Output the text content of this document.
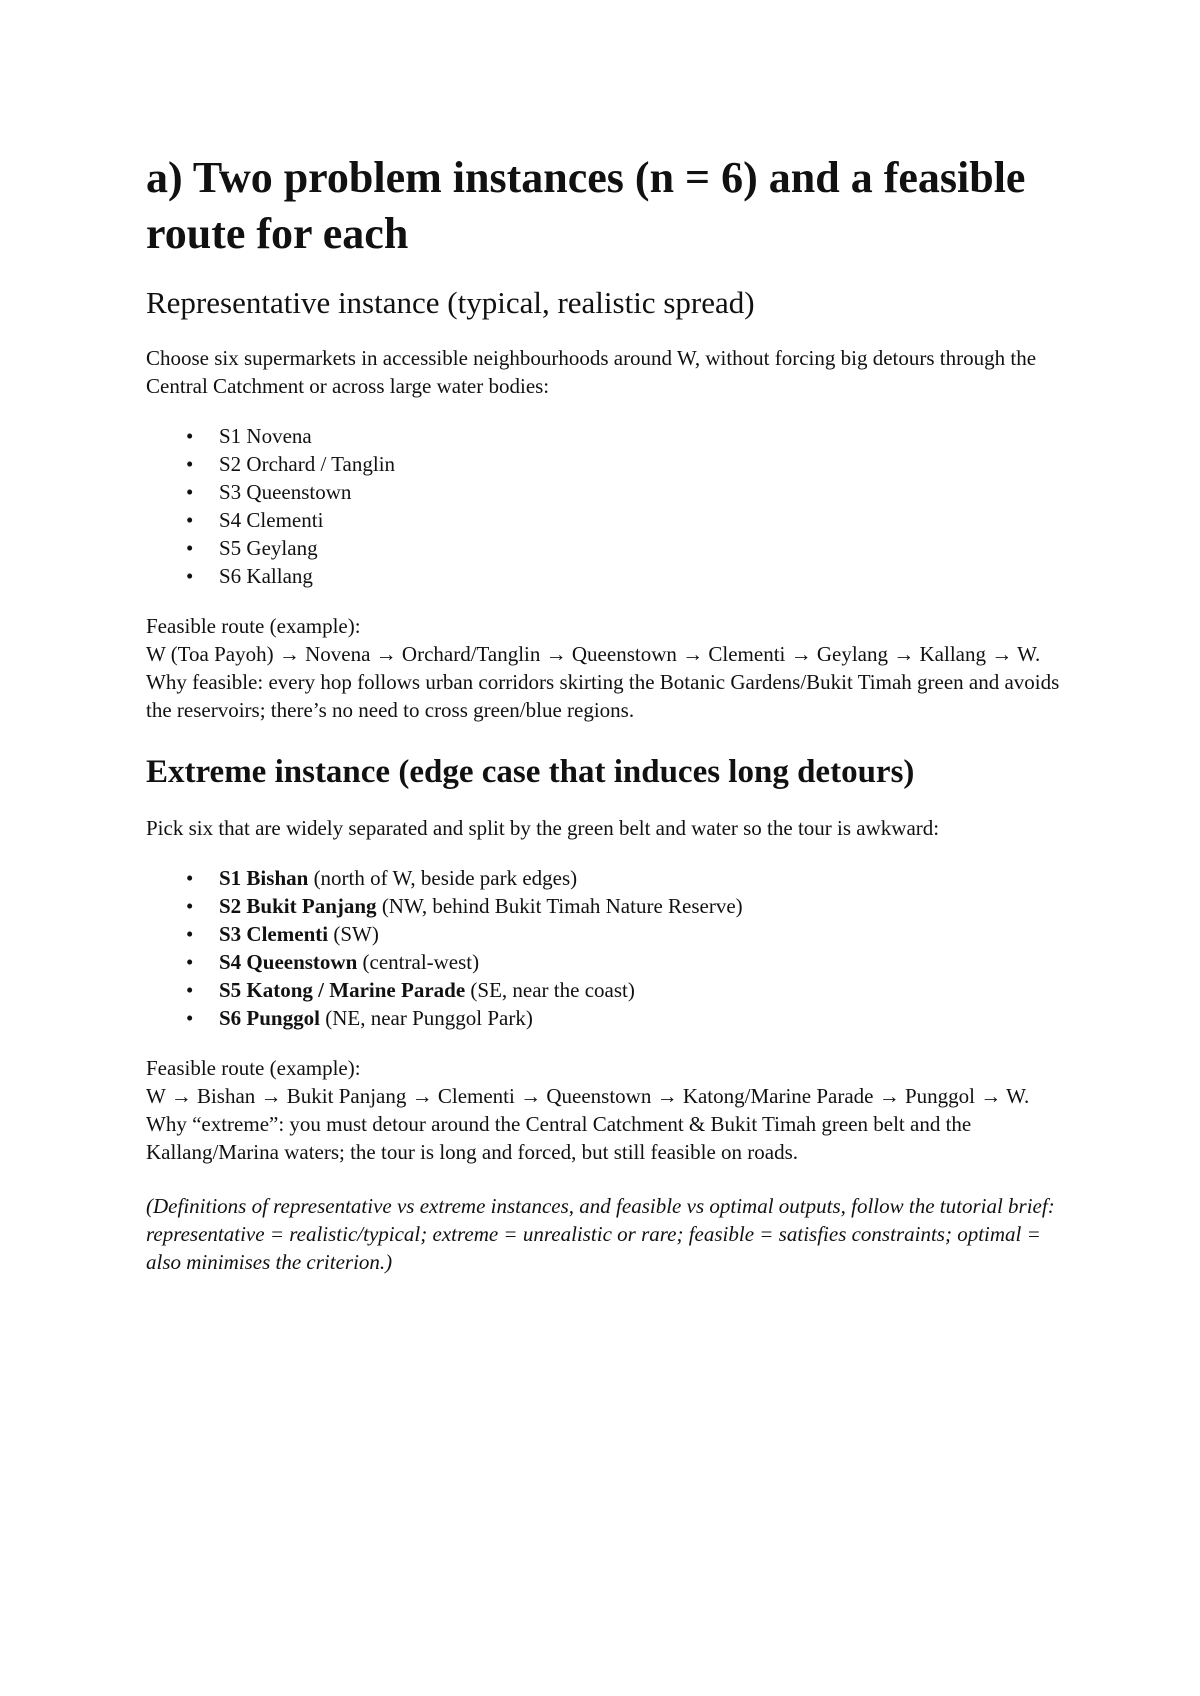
a) Two problem instances (n = 6) and a feasible route for each
Representative instance (typical, realistic spread)

Choose six supermarkets in accessible neighbourhoods around W, without forcing big detours through the Central Catchment or across large water bodies:

• S1 Novena
• S2 Orchard / Tanglin
• S3 Queenstown
• S4 Clementi
• S5 Geylang
• S6 Kallang

Feasible route (example):

W (Toa Payoh) → Novena → Orchard/Tanglin → Queenstown → Clementi → Geylang → Kallang → W.

Why feasible: every hop follows urban corridors skirting the Botanic Gardens/Bukit Timah green and avoids the reservoirs; there’s no need to cross green/blue regions.

Extreme instance (edge case that induces long detours)

Pick six that are widely separated and split by the green belt and water so the tour is awkward:

• S1 Bishan (north of W, beside park edges)
• S2 Bukit Panjang (NW, behind Bukit Timah Nature Reserve)
• S3 Clementi (SW)
• S4 Queenstown (central-west)
• S5 Katong / Marine Parade (SE, near the coast)
• S6 Punggol (NE, near Punggol Park)

Feasible route (example):

W → Bishan → Bukit Panjang → Clementi → Queenstown → Katong/Marine Parade → Punggol → W.

Why “extreme”: you must detour around the Central Catchment & Bukit Timah green belt and the Kallang/Marina waters; the tour is long and forced, but still feasible on roads.

(Definitions of representative vs extreme instances, and feasible vs optimal outputs, follow the tutorial brief: representative = realistic/typical; extreme = unrealistic or rare; feasible = satisfies constraints; optimal = also minimises the criterion.)
